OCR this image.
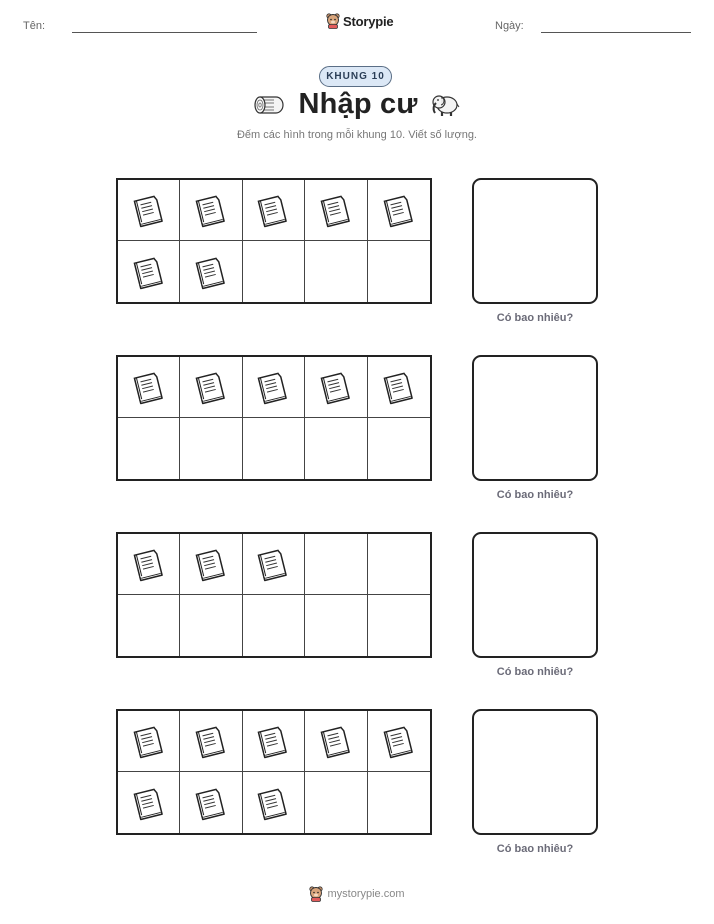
Tên:	Storypie	Ngày:
KHUNG 10
Nhập cư
Đếm các hình trong mỗi khung 10. Viết số lượng.
Có bao nhiêu?
Có bao nhiêu?
Có bao nhiêu?
Có bao nhiêu?
mystorypie.com
